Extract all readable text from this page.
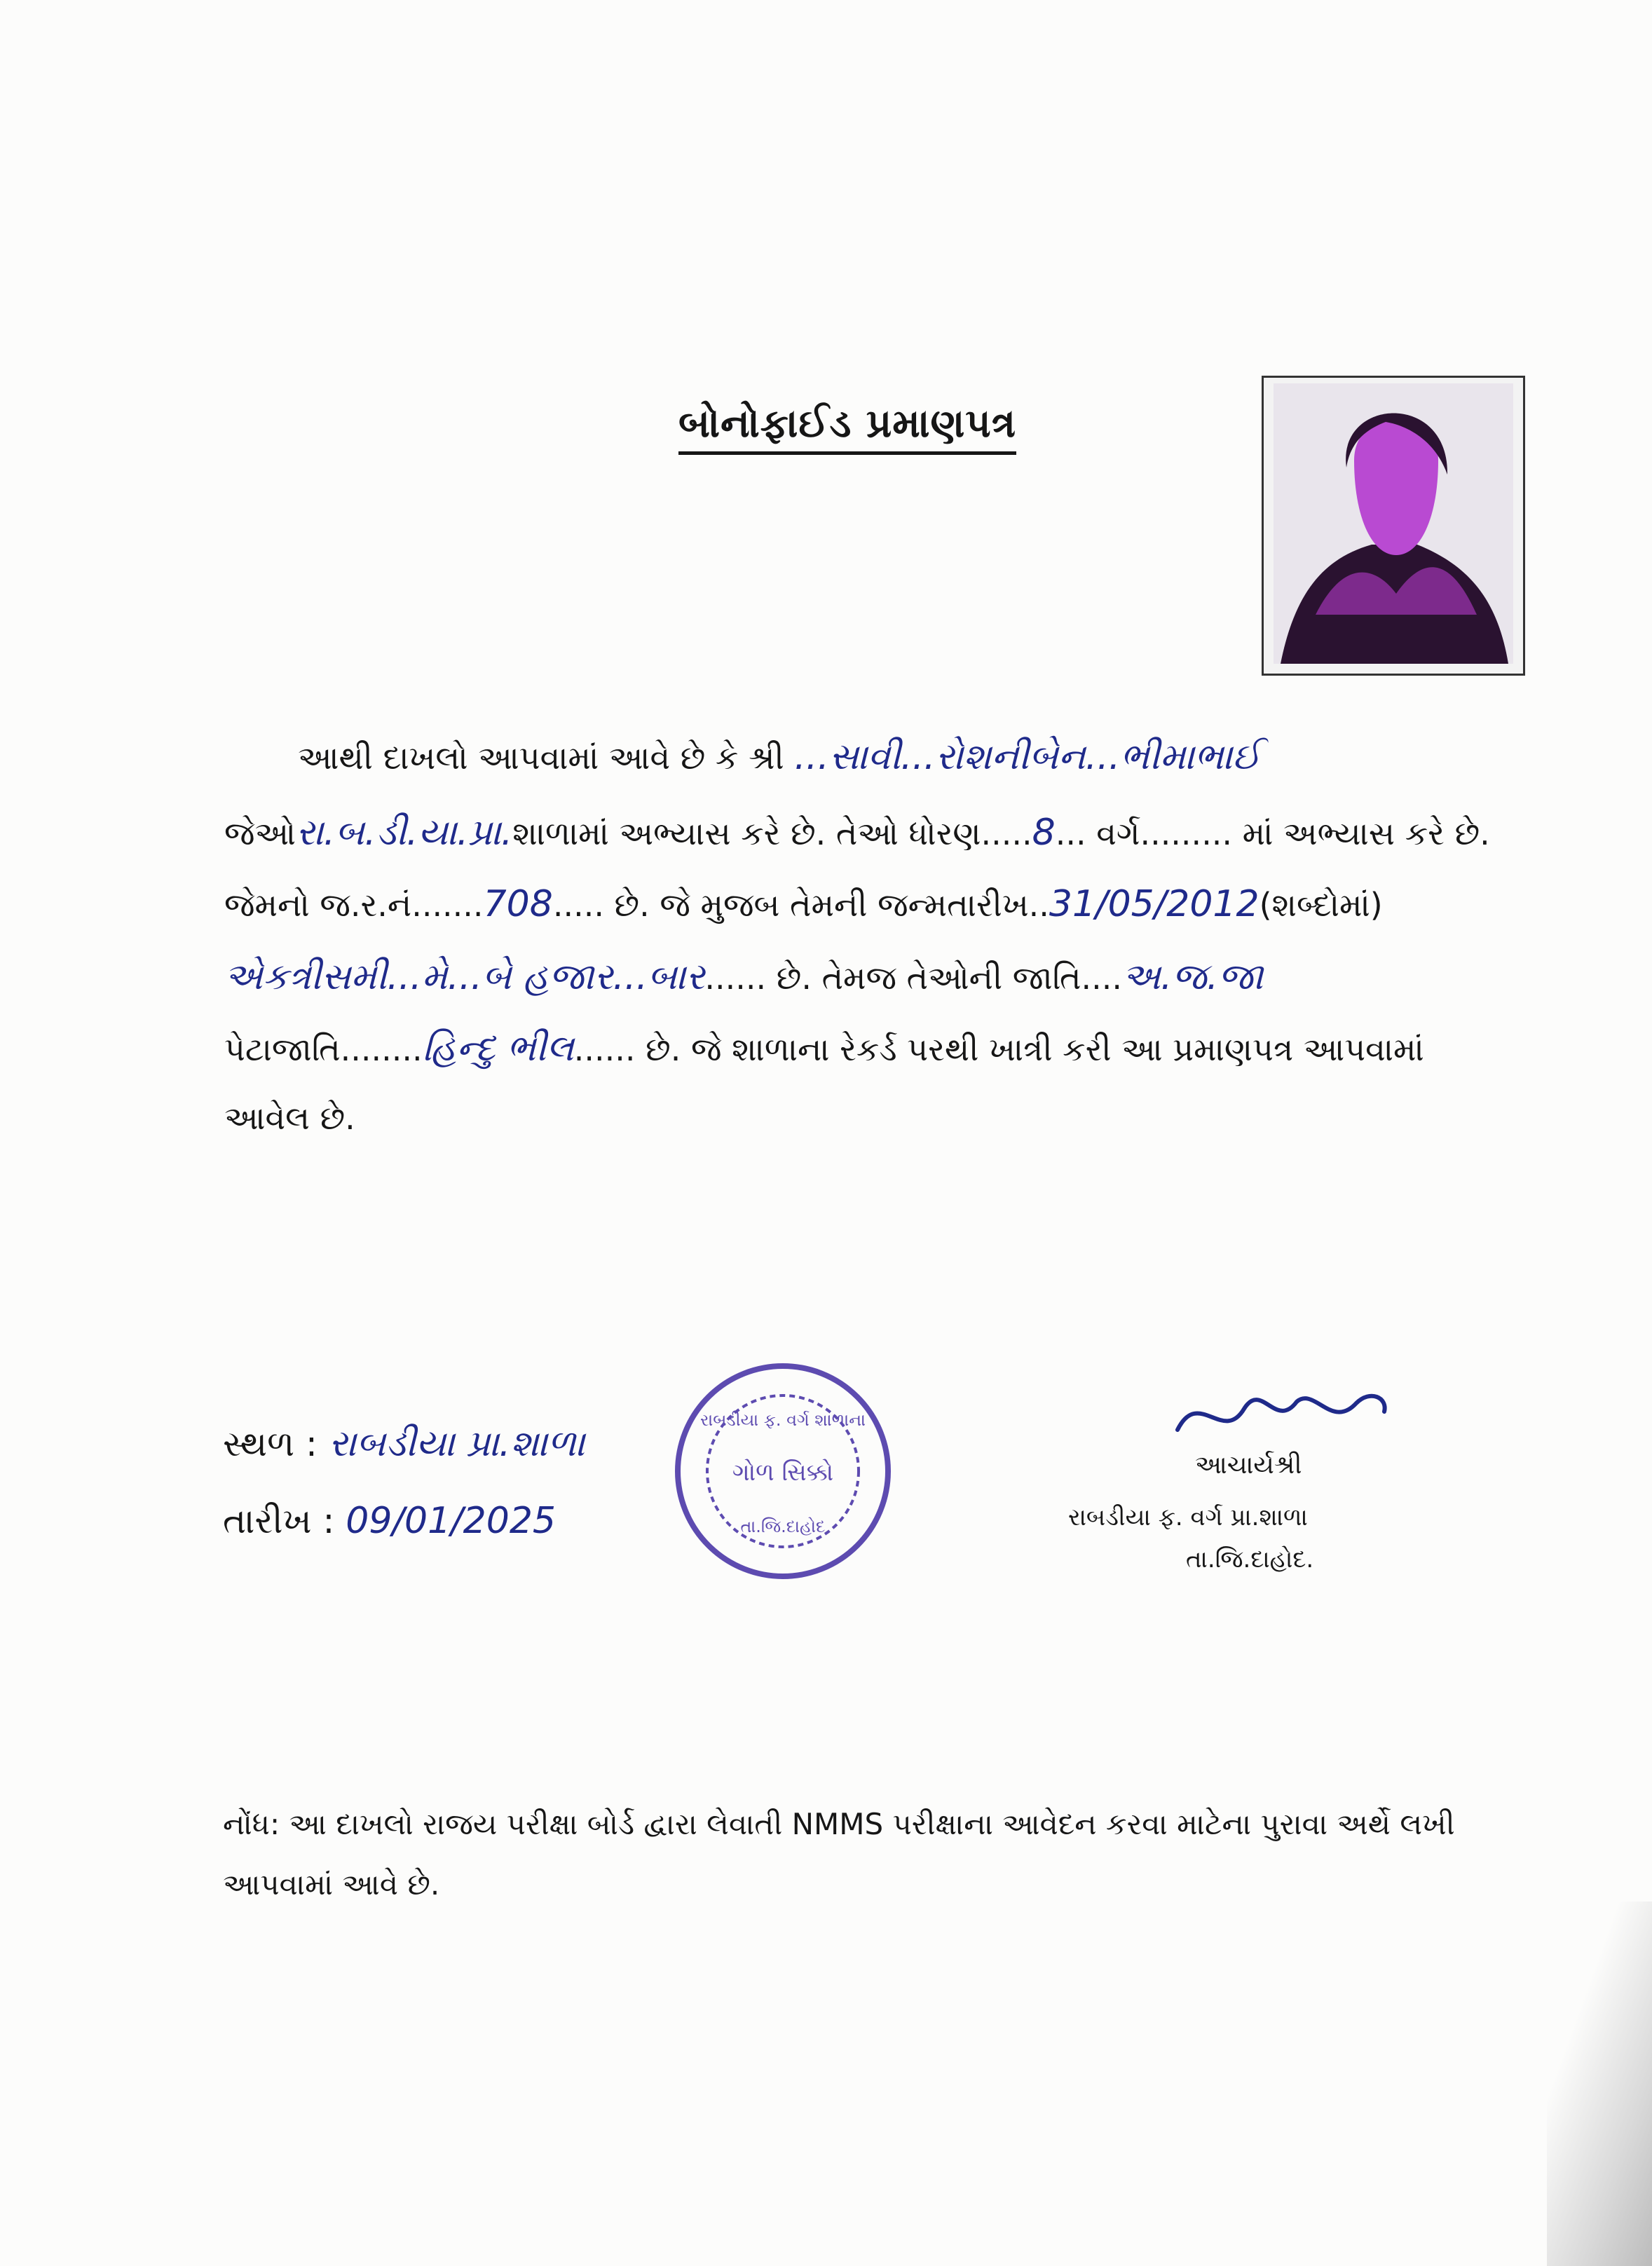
બોનોફાઈડ પ્રમાણપત્ર
આથી દાખલો આપવામાં આવે છે કે શ્રી ...સાવી...રોશનીબેન...ભીમાભાઈ
જેઓરા.બ.ડી.યા.પ્રા.શાળામાં અભ્યાસ કરે છે. તેઓ ધોરણ.....8... વર્ગ......... માં અભ્યાસ કરે છે.
જેમનો જ.ર.નં.......708..... છે. જે મુજબ તેમની જન્મતારીખ..31/05/2012(શબ્દોમાં)
એકત્રીસમી...મે...બે હજાર...બાર...... છે. તેમજ તેઓની જાતિ....અ.જ.જા
પેટાજાતિ........હિન્દુ ભીલ...... છે. જે શાળાના રેકર્ડ પરથી ખાત્રી કરી આ પ્રમાણપત્ર આપવામાં
આવેલ છે.
સ્થળ : રાબડીયા પ્રા.શાળા
તારીખ : 09/01/2025
રાબડીયા ફ. વર્ગ શાળાના
ગોળ સિક્કો
તા.જિ.દાહોદ
આચાર્યશ્રી
રાબડીયા ફ. વર્ગ પ્રા.શાળા
તા.જિ.દાહોદ.
નોંધ: આ દાખલો રાજય પરીક્ષા બોર્ડ દ્વારા લેવાતી NMMS પરીક્ષાના આવેદન કરવા માટેના પુરાવા અર્થે લખી આપવામાં આવે છે.
